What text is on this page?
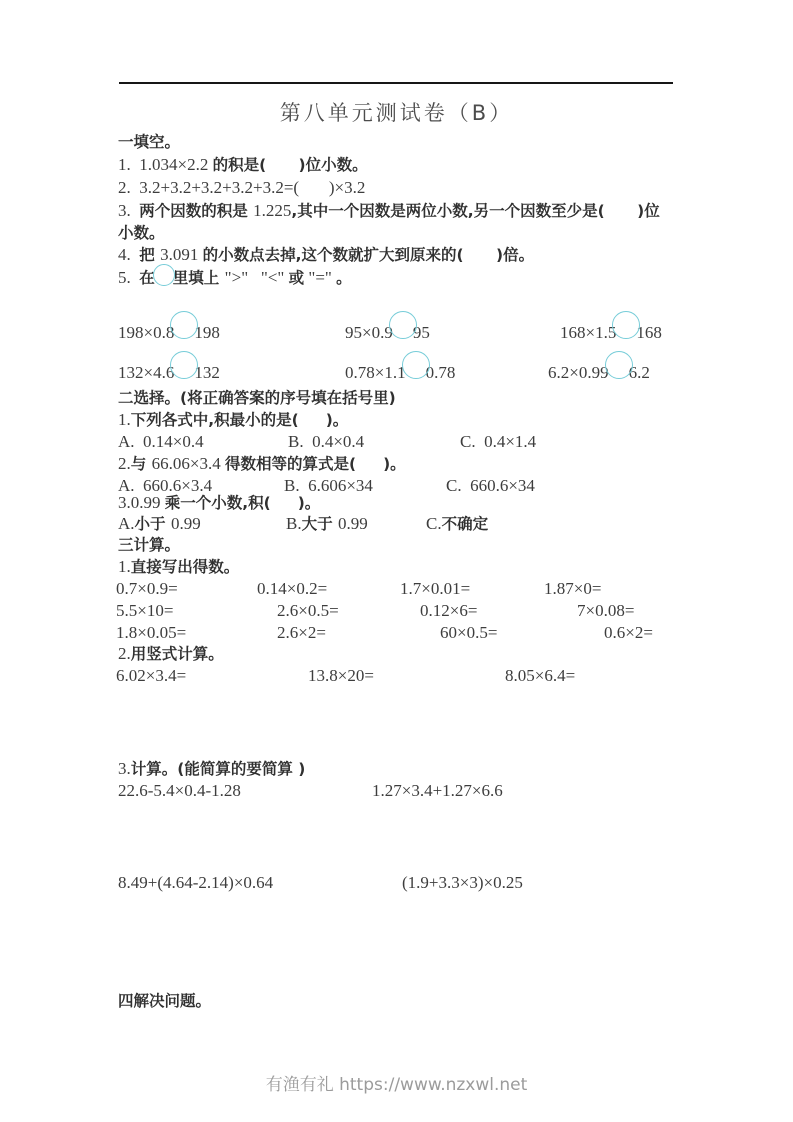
第八单元测试卷（B）
一填空。
1.  1.034×2.2 的积是(      )位小数。
2.  3.2+3.2+3.2+3.2+3.2=(       )×3.2
3.  两个因数的积是 1.225,其中一个因数是两位小数,另一个因数至少是(      )位
小数。
4.  把 3.091 的小数点去掉,这个数就扩大到原来的(      )倍。
5.  在 里填上 ">"   "<" 或 "=" 。
198×0.8 198	95×0.9 95	168×1.5 168
132×4.6 132	0.78×1.1 0.78	6.2×0.99 6.2
二选择。(将正确答案的序号填在括号里)
1.下列各式中,积最小的是(     )。
A.  0.14×0.4	B.  0.4×0.4	C.  0.4×1.4
2.与 66.06×3.4 得数相等的算式是(     )。
A.  660.6×3.4	B.  6.606×34	C.  660.6×34
3.0.99 乘一个小数,积(     )。
A.小于 0.99	B.大于 0.99	C.不确定
三计算。
1.直接写出得数。
0.7×0.9=	0.14×0.2=	1.7×0.01=	1.87×0=
5.5×10=	2.6×0.5=	0.12×6=	7×0.08=
1.8×0.05=	2.6×2=	60×0.5=	0.6×2=
2.用竖式计算。
6.02×3.4=	13.8×20=	8.05×6.4=
3.计算。(能简算的要简算 )
22.6-5.4×0.4-1.28	1.27×3.4+1.27×6.6
8.49+(4.64-2.14)×0.64	(1.9+3.3×3)×0.25
四解决问题。
有渔有礼 https://www.nzxwl.net
